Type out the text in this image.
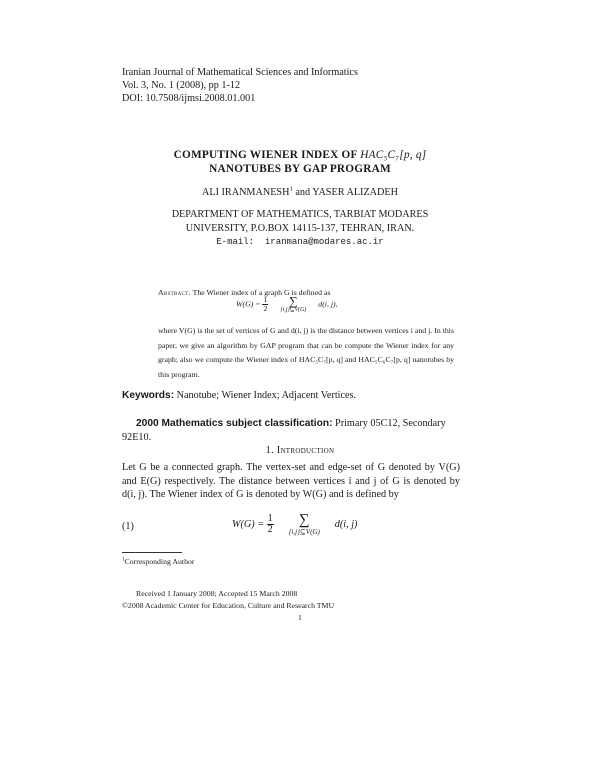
Iranian Journal of Mathematical Sciences and Informatics
Vol. 3, No. 1 (2008), pp 1-12
DOI: 10.7508/ijmsi.2008.01.001
COMPUTING WIENER INDEX OF HAC₅C₇[p, q]
NANOTUBES BY GAP PROGRAM
ALI IRANMANESH$^1$ and YASER ALIZADEH
DEPARTMENT OF MATHEMATICS, TARBIAT MODARES
UNIVERSITY, P.O.BOX 14115-137, TEHRAN, IRAN.
E-mail: iranmana@modares.ac.ir
Abstract. The Wiener index of a graph G is defined as
$W(G) = \frac{1}{2}$
	∑
{i,j}⊆V(G)
d(i, j),
where V(G) is the set of vertices of G and d(i, j) is the distance between vertices i and j. In this paper, we give an algorithm by GAP program that can be compute the Wiener index for any graph; also we compute the Wiener index of HAC₅C₇[p, q] and HAC₅C₆C₇[p, q] nanotubes by this program.
Keywords: Nanotube; Wiener Index; Adjacent Vertices.
2000 Mathematics subject classification: Primary 05C12, Secondary 92E10.
1. Introduction
Let G be a connected graph. The vertex-set and edge-set of G denoted by V(G) and E(G) respectively. The distance between vertices i and j of G is denoted by d(i, j). The Wiener index of G is denoted by W(G) and is defined by
(1)	$W(G) = \frac{1}{2}$
	∑
{i,j}⊆V(G)
d(i, j)
$^1$Corresponding Author
Received 1 January 2008; Accepted 15 March 2008
©2008 Academic Center for Education, Culture and Research TMU
1
